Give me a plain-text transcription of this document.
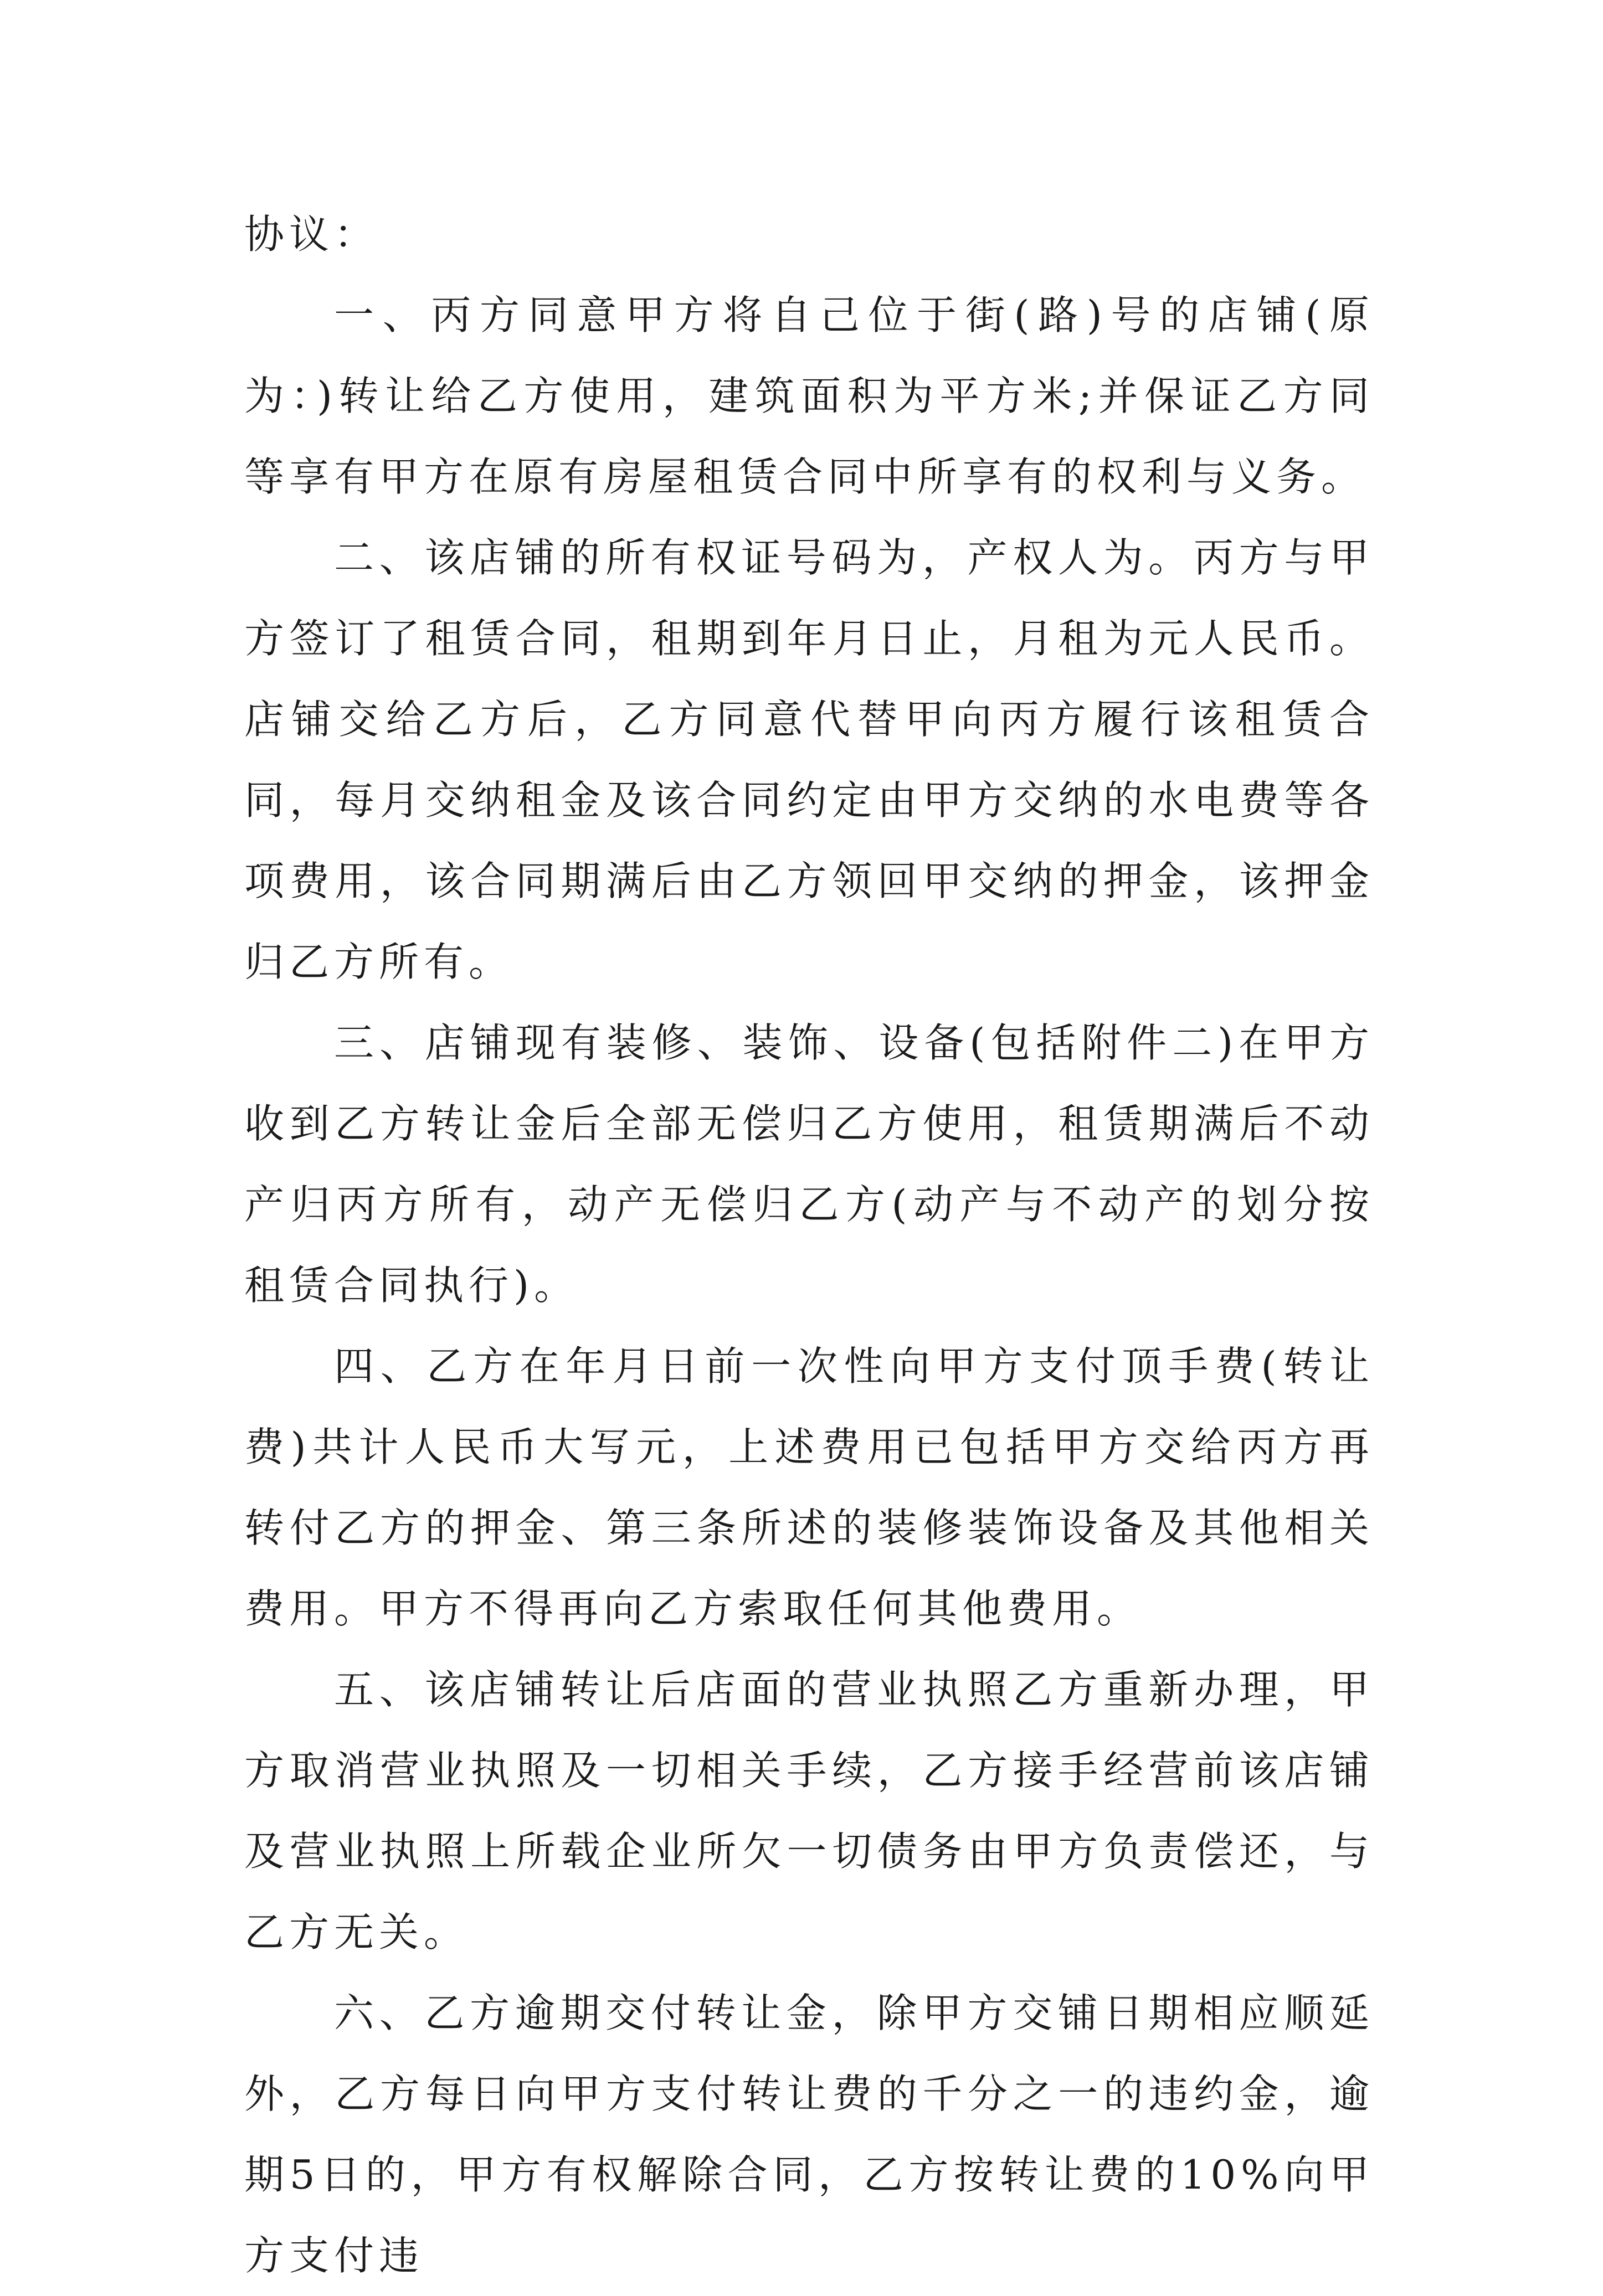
协议：

一、丙方同意甲方将自己位于街(路)号的店铺(原为：)转让给乙方使用，建筑面积为平方米;并保证乙方同等享有甲方在原有房屋租赁合同中所享有的权利与义务。

二、该店铺的所有权证号码为，产权人为。丙方与甲方签订了租赁合同，租期到年月日止，月租为元人民币。店铺交给乙方后，乙方同意代替甲向丙方履行该租赁合同，每月交纳租金及该合同约定由甲方交纳的水电费等各项费用，该合同期满后由乙方领回甲交纳的押金，该押金归乙方所有。

三、店铺现有装修、装饰、设备(包括附件二)在甲方收到乙方转让金后全部无偿归乙方使用，租赁期满后不动产归丙方所有，动产无偿归乙方(动产与不动产的划分按租赁合同执行)。

四、乙方在年月日前一次性向甲方支付顶手费(转让费)共计人民币大写元，上述费用已包括甲方交给丙方再转付乙方的押金、第三条所述的装修装饰设备及其他相关费用。甲方不得再向乙方索取任何其他费用。

五、该店铺转让后店面的营业执照乙方重新办理，甲方取消营业执照及一切相关手续，乙方接手经营前该店铺及营业执照上所载企业所欠一切债务由甲方负责偿还，与乙方无关。

六、乙方逾期交付转让金，除甲方交铺日期相应顺延外，乙方每日向甲方支付转让费的千分之一的违约金，逾期5日的，甲方有权解除合同，乙方按转让费的10%向甲方支付违
